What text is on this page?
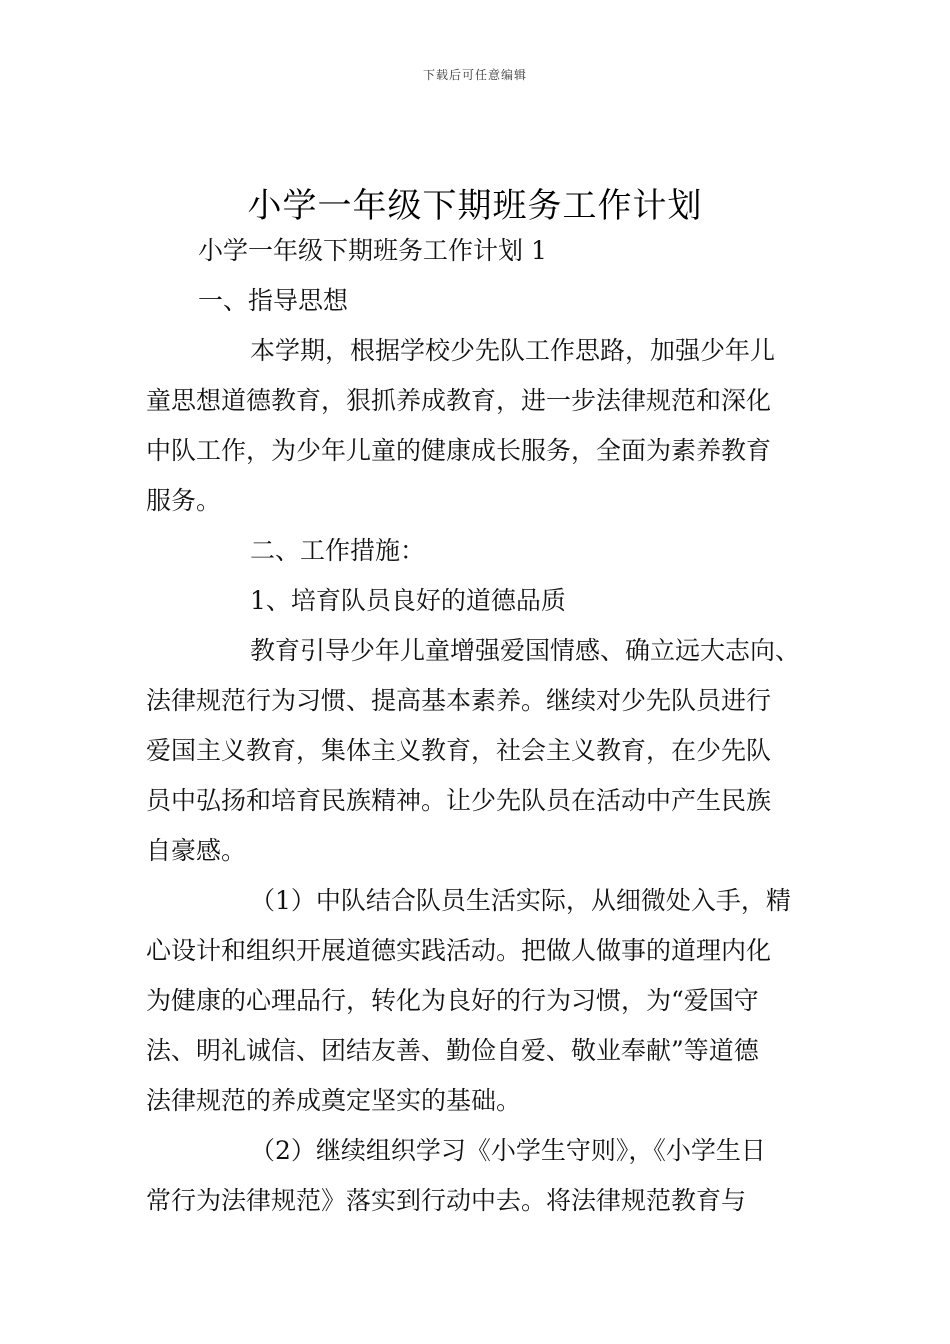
下载后可任意编辑
小学一年级下期班务工作计划
小学一年级下期班务工作计划 1
一、指导思想
本学期，根据学校少先队工作思路，加强少年儿
童思想道德教育，狠抓养成教育，进一步法律规范和深化
中队工作，为少年儿童的健康成长服务，全面为素养教育
服务。
二、工作措施：
1、培育队员良好的道德品质
教育引导少年儿童增强爱国情感、确立远大志向、
法律规范行为习惯、提高基本素养。继续对少先队员进行
爱国主义教育，集体主义教育，社会主义教育，在少先队
员中弘扬和培育民族精神。让少先队员在活动中产生民族
自豪感。
（1）中队结合队员生活实际，从细微处入手，精
心设计和组织开展道德实践活动。把做人做事的道理内化
为健康的心理品行，转化为良好的行为习惯，为“爱国守
法、明礼诚信、团结友善、勤俭自爱、敬业奉献”等道德
法律规范的养成奠定坚实的基础。
（2）继续组织学习《小学生守则》，《小学生日
常行为法律规范》落实到行动中去。将法律规范教育与
